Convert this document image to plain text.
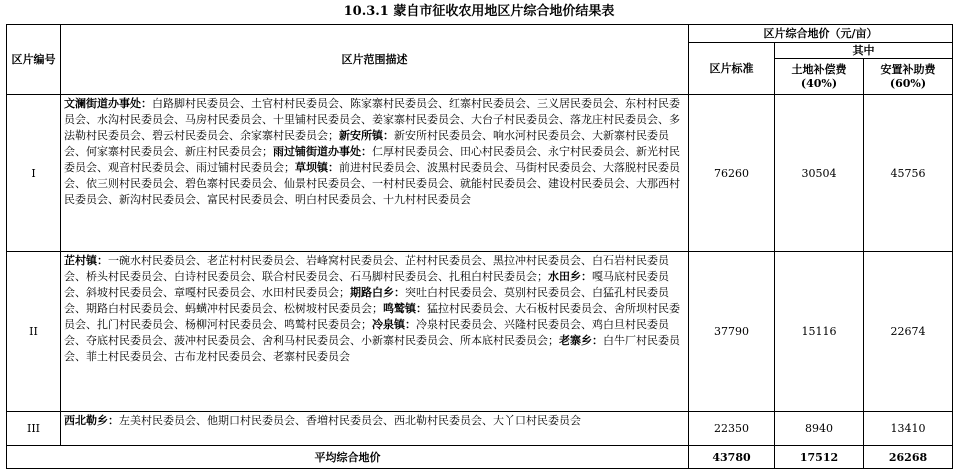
10.3.1 蒙自市征收农用地区片综合地价结果表
区片编号	区片范围描述	区片综合地价（元/亩）		
		区片标准	其中	
			土地补偿费(40%)	安置补助费(60%)
I	文澜街道办事处：白路脚村民委员会、土官村村民委员会、陈家寨村民委员会、红寨村民委员会、三义居民委员会、东村村民委员会、水沟村民委员会、马房村民委员会、十里铺村民委员会、姜家寨村民委员会、大台子村民委员会、落龙庄村民委员会、多法勒村民委员会、碧云村民委员会、余家寨村民委员会；新安所镇：新安所村民委员会、响水河村民委员会、大新寨村民委员会、何家寨村民委员会、新庄村民委员会；雨过铺街道办事处：仁厚村民委员会、田心村民委员会、永宁村民委员会、新光村民委员会、观音村民委员会、雨过铺村民委员会；草坝镇：前进村民委员会、波黑村民委员会、马街村民委员会、大落脱村民委员会、依三则村民委员会、碧色寨村民委员会、仙景村民委员会、一村村民委员会、就能村民委员会、建设村民委员会、大那西村民委员会、新沟村民委员会、富民村民委员会、明白村民委员会、十九村村民委员会	76260	30504	45756
II	芷村镇：一碗水村民委员会、老芷村村民委员会、岩峰窝村民委员会、芷村村民委员会、黑拉冲村民委员会、白石岩村民委员会、桥头村民委员会、白诗村民委员会、联合村民委员会、石马脚村民委员会、扎租白村民委员会；水田乡：嘎马底村民委员会、斜坡村民委员会、章嘎村民委员会、水田村民委员会；期路白乡：突吐白村民委员会、莫别村民委员会、白猛孔村民委员会、期路白村民委员会、蚂蟥冲村民委员会、松树坡村民委员会；鸣鹫镇：猛拉村民委员会、大石板村民委员会、舍所坝村民委员会、扎门村民委员会、杨柳河村民委员会、鸣鹫村民委员会；冷泉镇：冷泉村民委员会、兴隆村民委员会、鸡白旦村民委员会、夺底村民委员会、菠冲村民委员会、舍利马村民委员会、小新寨村民委员会、所本底村民委员会；老寨乡：白牛厂村民委员会、菲土村民委员会、古布龙村民委员会、老寨村民委员会	37790	15116	22674
III	西北勒乡：左美村民委员会、他期口村民委员会、香増村民委员会、西北勒村民委员会、大丫口村民委员会	22350	8940	13410
平均综合地价		43780	17512	26268
